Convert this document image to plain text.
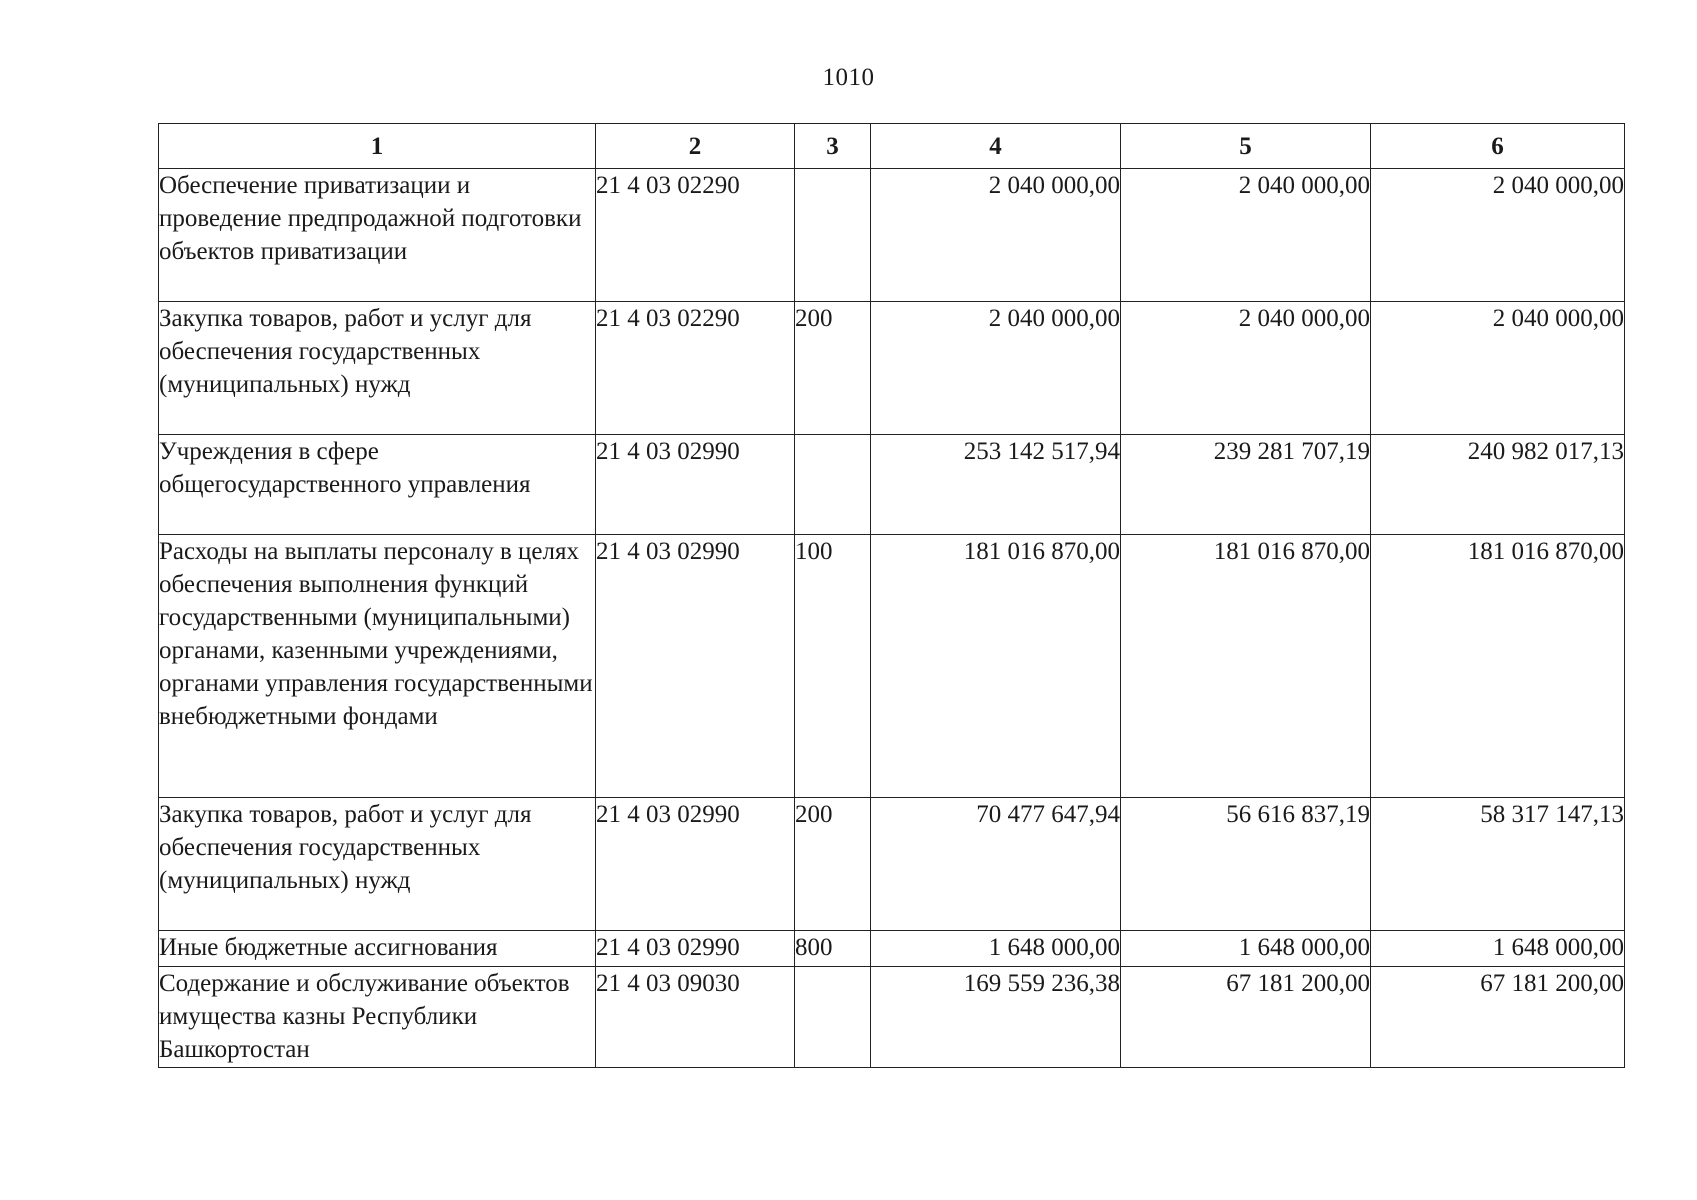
1010
1	2	3	4	5	6
Обеспечение приватизации и проведение предпродажной подготовки объектов приватизации	21 4 03 02290		2 040 000,00	2 040 000,00	2 040 000,00
Закупка товаров, работ и услуг для обеспечения государственных (муниципальных) нужд	21 4 03 02290	200	2 040 000,00	2 040 000,00	2 040 000,00
Учреждения в сфере общегосударственного управления	21 4 03 02990		253 142 517,94	239 281 707,19	240 982 017,13
Расходы на выплаты персоналу в целях обеспечения выполнения функций государственными (муниципальными) органами, казенными учреждениями, органами управления государственными внебюджетными фондами	21 4 03 02990	100	181 016 870,00	181 016 870,00	181 016 870,00
Закупка товаров, работ и услуг для обеспечения государственных (муниципальных) нужд	21 4 03 02990	200	70 477 647,94	56 616 837,19	58 317 147,13
Иные бюджетные ассигнования	21 4 03 02990	800	1 648 000,00	1 648 000,00	1 648 000,00
Содержание и обслуживание объектов имущества казны Республики Башкортостан	21 4 03 09030		169 559 236,38	67 181 200,00	67 181 200,00
